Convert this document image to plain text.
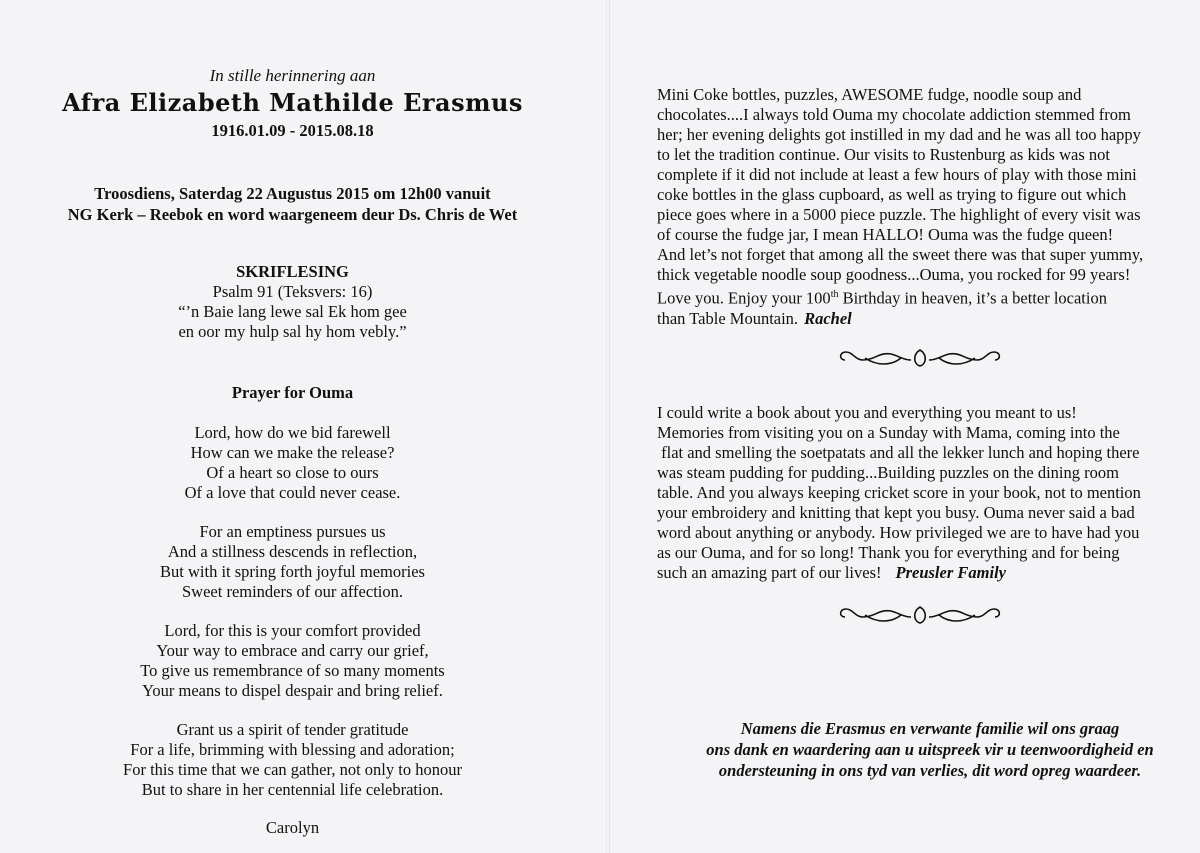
In stille herinnering aan
Afra Elizabeth Mathilde Erasmus
1916.01.09 - 2015.08.18
Troosdiens, Saterdag 22 Augustus 2015 om 12h00 vanuit
NG Kerk – Reebok en word waargeneem deur Ds. Chris de Wet
SKRIFLESING
Psalm 91 (Teksvers: 16)
“’n Baie lang lewe sal Ek hom gee
en oor my hulp sal hy hom vebly.”
Prayer for Ouma
Lord, how do we bid farewell
How can we make the release?
Of a heart so close to ours
Of a love that could never cease.
For an emptiness pursues us
And a stillness descends in reflection,
But with it spring forth joyful memories
Sweet reminders of our affection.
Lord, for this is your comfort provided
Your way to embrace and carry our grief,
To give us remembrance of so many moments
Your means to dispel despair and bring relief.
Grant us a spirit of tender gratitude
For a life, brimming with blessing and adoration;
For this time that we can gather, not only to honour
But to share in her centennial life celebration.
Carolyn
Mini Coke bottles, puzzles, AWESOME fudge, noodle soup and
chocolates....I always told Ouma my chocolate addiction stemmed from
her; her evening delights got instilled in my dad and he was all too happy
to let the tradition continue. Our visits to Rustenburg as kids was not
complete if it did not include at least a few hours of play with those mini
coke bottles in the glass cupboard, as well as trying to figure out which
piece goes where in a 5000 piece puzzle. The highlight of every visit was
of course the fudge jar, I mean HALLO! Ouma was the fudge queen!
And let’s not forget that among all the sweet there was that super yummy,
thick vegetable noodle soup goodness...Ouma, you rocked for 99 years!
Love you. Enjoy your 100th Birthday in heaven, it’s a better location
than Table Mountain. Rachel
I could write a book about you and everything you meant to us!
Memories from visiting you on a Sunday with Mama, coming into the
flat and smelling the soetpatats and all the lekker lunch and hoping there
was steam pudding for pudding...Building puzzles on the dining room
table. And you always keeping cricket score in your book, not to mention
your embroidery and knitting that kept you busy. Ouma never said a bad
word about anything or anybody. How privileged we are to have had you
as our Ouma, and for so long! Thank you for everything and for being
such an amazing part of our lives! Preusler Family
Namens die Erasmus en verwante familie wil ons graag
ons dank en waardering aan u uitspreek vir u teenwoordigheid en
ondersteuning in ons tyd van verlies, dit word opreg waardeer.
